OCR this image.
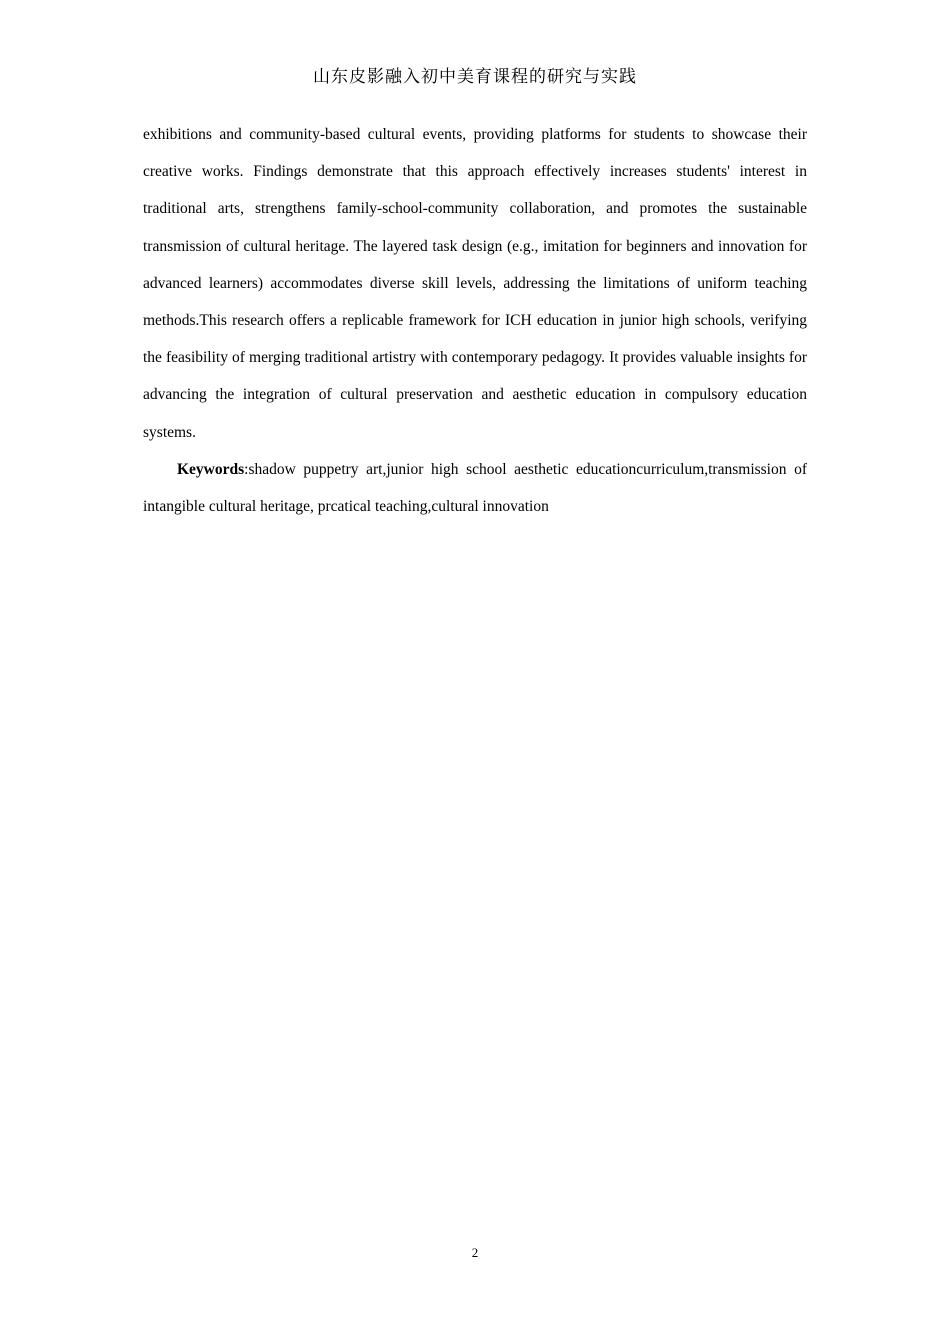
山东皮影融入初中美育课程的研究与实践

exhibitions and community-based cultural events, providing platforms for students to showcase their creative works. Findings demonstrate that this approach effectively increases students' interest in traditional arts, strengthens family-school-community collaboration, and promotes the sustainable transmission of cultural heritage. The layered task design (e.g., imitation for beginners and innovation for advanced learners) accommodates diverse skill levels, addressing the limitations of uniform teaching methods.This research offers a replicable framework for ICH education in junior high schools, verifying the feasibility of merging traditional artistry with contemporary pedagogy. It provides valuable insights for advancing the integration of cultural preservation and aesthetic education in compulsory education systems.

Keywords:shadow puppetry art,junior high school aesthetic educationcurriculum,transmission of intangible cultural heritage, prcatical teaching,cultural innovation

2
